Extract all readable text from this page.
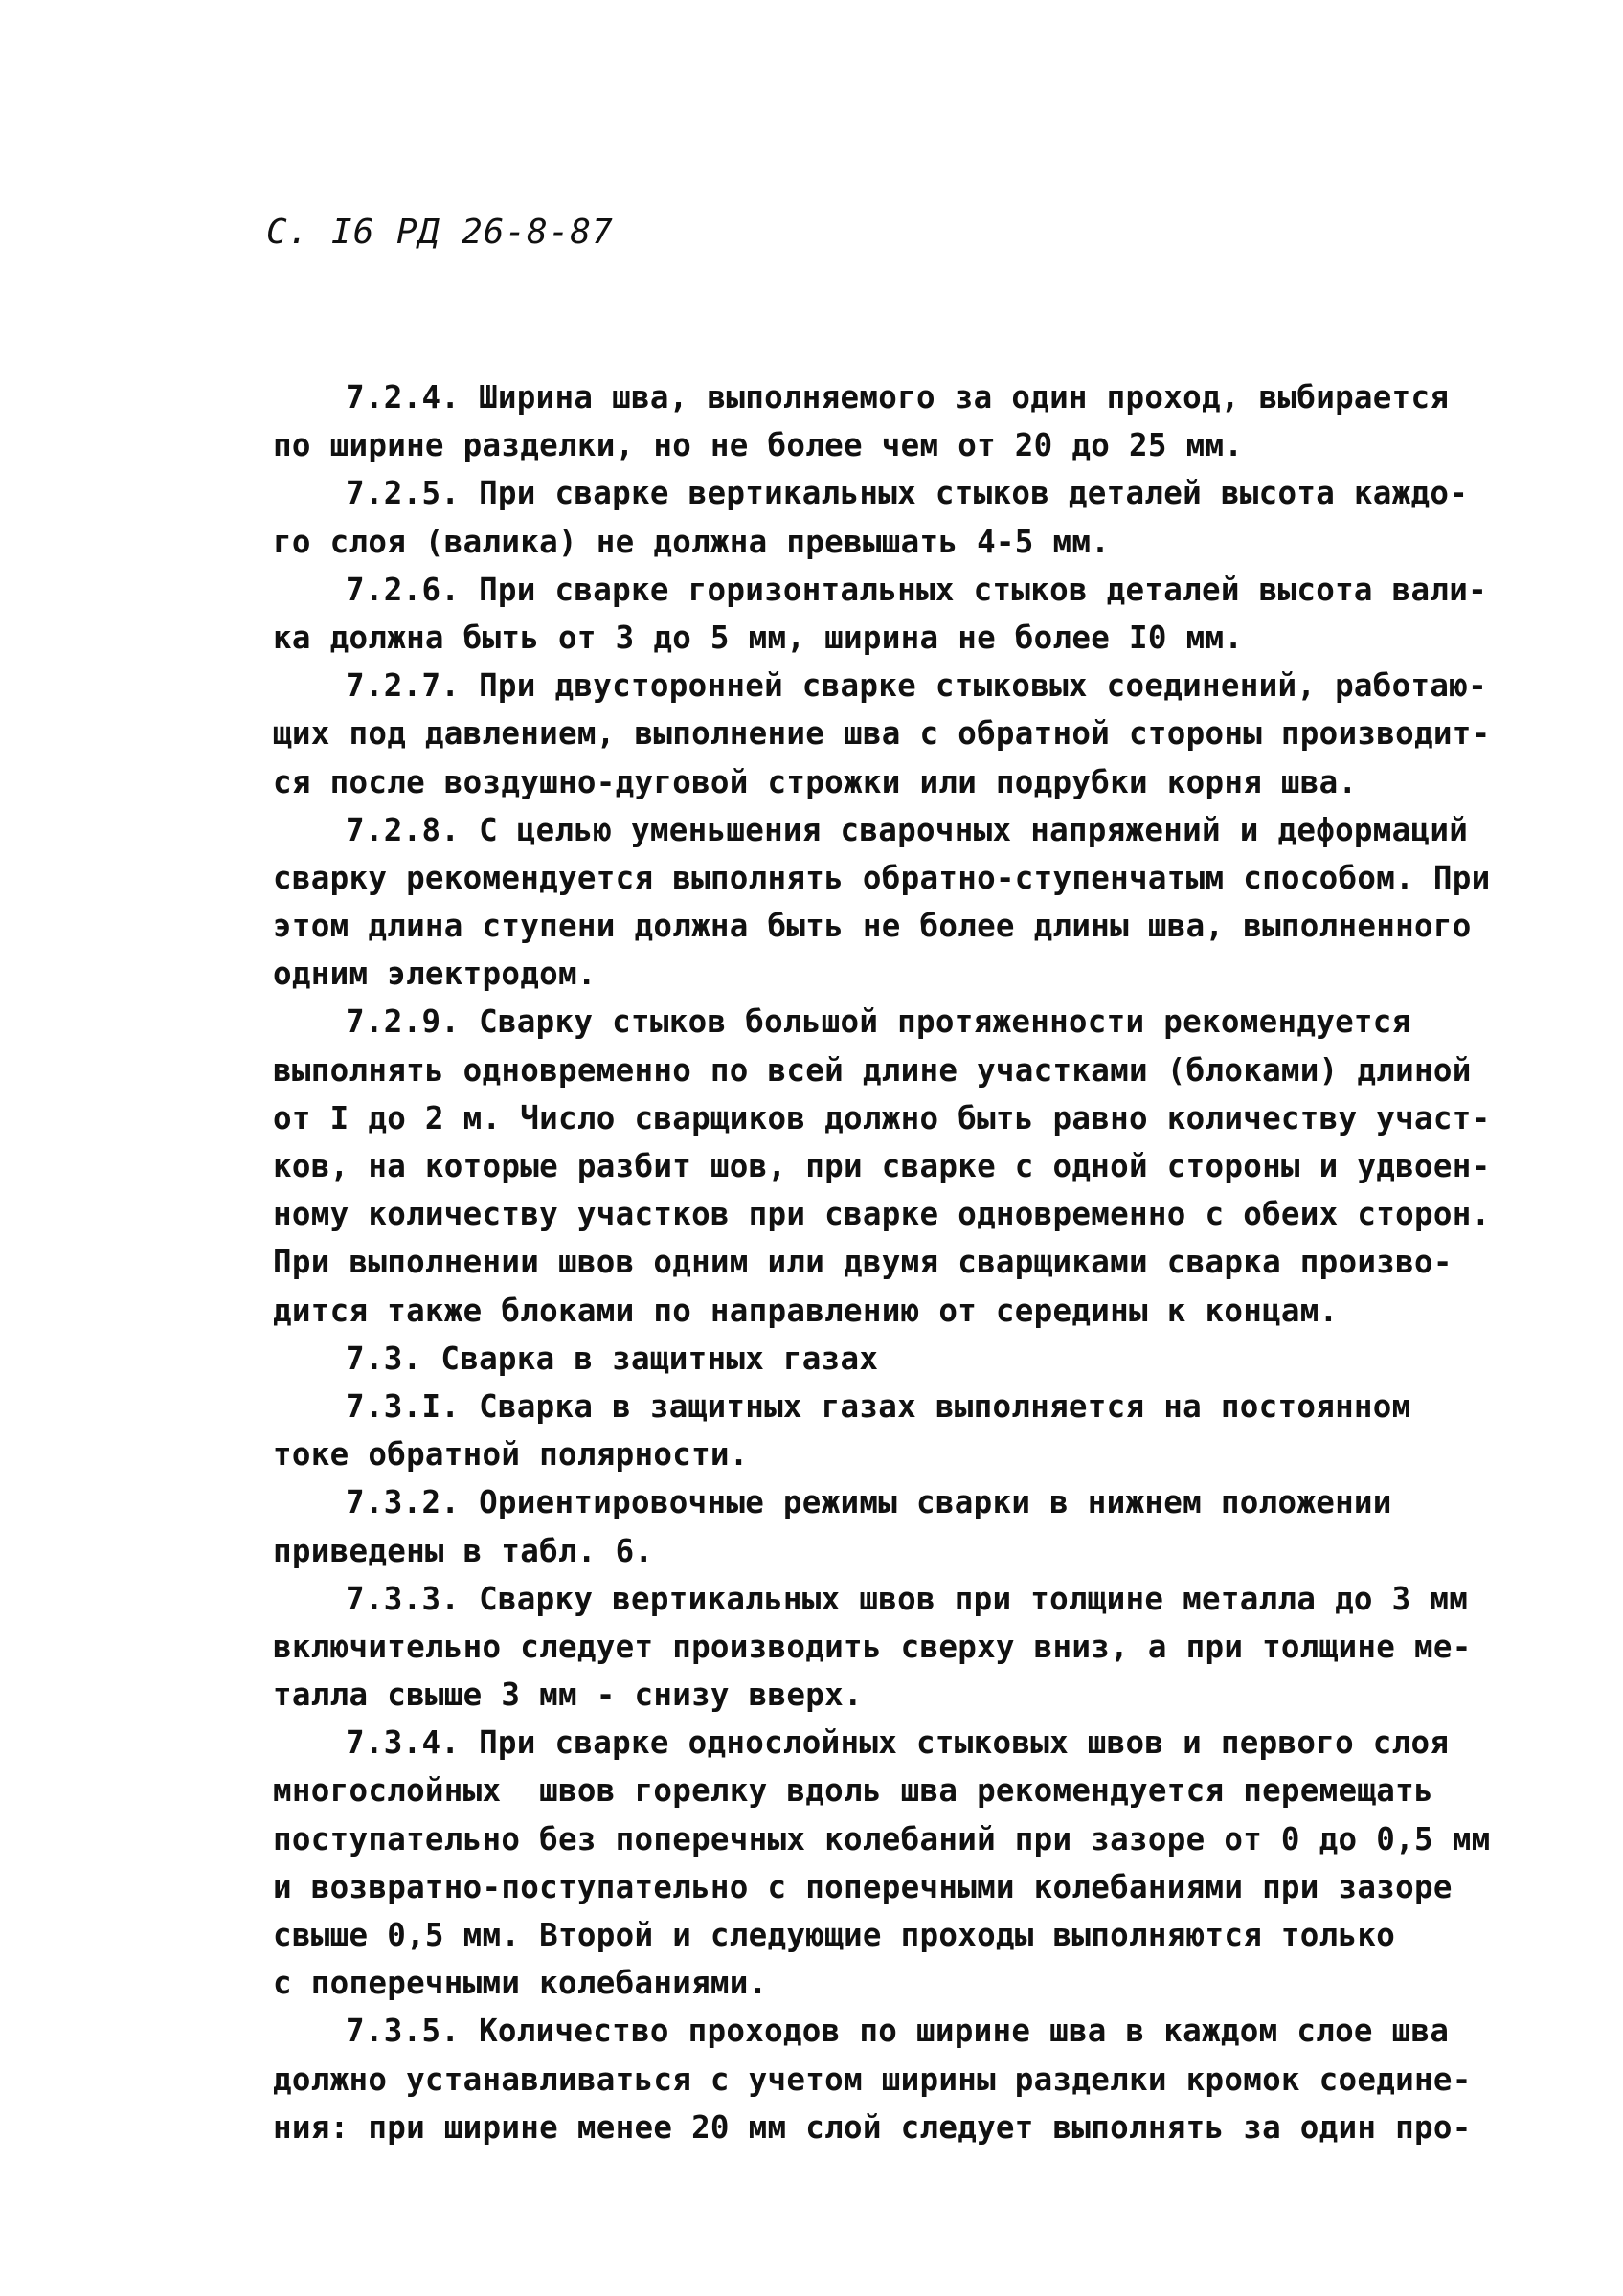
С. I6 РД 26-8-87
7.2.4. Ширина шва, выполняемого за один проход, выбирается
по ширине разделки, но не более чем от 20 до 25 мм.
7.2.5. При сварке вертикальных стыков деталей высота каждо-
го слоя (валика) не должна превышать 4-5 мм.
7.2.6. При сварке горизонтальных стыков деталей высота вали-
ка должна быть от 3 до 5 мм, ширина не более I0 мм.
7.2.7. При двусторонней сварке стыковых соединений, работаю-
щих под давлением, выполнение шва с обратной стороны производит-
ся после воздушно-дуговой строжки или подрубки корня шва.
7.2.8. С целью уменьшения сварочных напряжений и деформаций
сварку рекомендуется выполнять обратно-ступенчатым способом. При
этом длина ступени должна быть не более длины шва, выполненного
одним электродом.
7.2.9. Сварку стыков большой протяженности рекомендуется
выполнять одновременно по всей длине участками (блоками) длиной
от I до 2 м. Число сварщиков должно быть равно количеству участ-
ков, на которые разбит шов, при сварке с одной стороны и удвоен-
ному количеству участков при сварке одновременно с обеих сторон.
При выполнении швов одним или двумя сварщиками сварка произво-
дится также блоками по направлению от середины к концам.
7.3. Сварка в защитных газах
7.3.I. Сварка в защитных газах выполняется на постоянном
токе обратной полярности.
7.3.2. Ориентировочные режимы сварки в нижнем положении
приведены в табл. 6.
7.3.3. Сварку вертикальных швов при толщине металла до 3 мм
включительно следует производить сверху вниз, а при толщине ме-
талла свыше 3 мм - снизу вверх.
7.3.4. При сварке однослойных стыковых швов и первого слоя
многослойных  швов горелку вдоль шва рекомендуется перемещать
поступательно без поперечных колебаний при зазоре от 0 до 0,5 мм
и возвратно-поступательно с поперечными колебаниями при зазоре
свыше 0,5 мм. Второй и следующие проходы выполняются только
с поперечными колебаниями.
7.3.5. Количество проходов по ширине шва в каждом слое шва
должно устанавливаться с учетом ширины разделки кромок соедине-
ния: при ширине менее 20 мм слой следует выполнять за один про-
